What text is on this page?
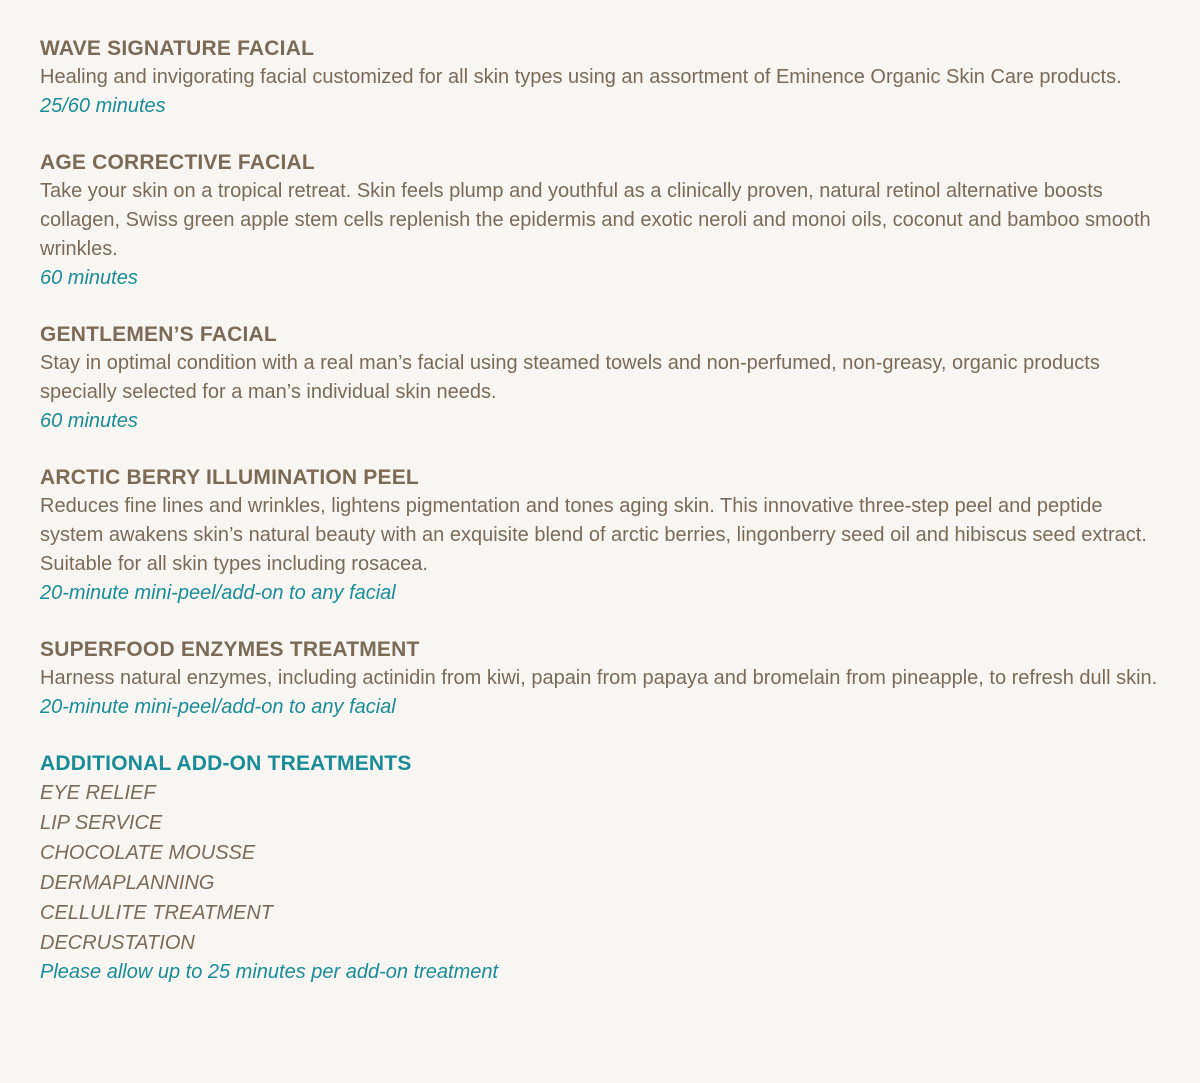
WAVE SIGNATURE FACIAL
Healing and invigorating facial customized for all skin types using an assortment of Eminence Organic Skin Care products.
25/60 minutes
AGE CORRECTIVE FACIAL
Take your skin on a tropical retreat. Skin feels plump and youthful as a clinically proven, natural retinol alternative boosts collagen, Swiss green apple stem cells replenish the epidermis and exotic neroli and monoi oils, coconut and bamboo smooth wrinkles.
60 minutes
GENTLEMEN’S FACIAL
Stay in optimal condition with a real man’s facial using steamed towels and non-perfumed, non-greasy, organic products specially selected for a man’s individual skin needs.
60 minutes
ARCTIC BERRY ILLUMINATION PEEL
Reduces fine lines and wrinkles, lightens pigmentation and tones aging skin. This innovative three-step peel and peptide system awakens skin’s natural beauty with an exquisite blend of arctic berries, lingonberry seed oil and hibiscus seed extract. Suitable for all skin types including rosacea.
20-minute mini-peel/add-on to any facial
SUPERFOOD ENZYMES TREATMENT
Harness natural enzymes, including actinidin from kiwi, papain from papaya and bromelain from pineapple, to refresh dull skin.
20-minute mini-peel/add-on to any facial
ADDITIONAL ADD-ON TREATMENTS
EYE RELIEF
LIP SERVICE
CHOCOLATE MOUSSE
DERMAPLANNING
CELLULITE TREATMENT
DECRUSTATION
Please allow up to 25 minutes per add-on treatment
